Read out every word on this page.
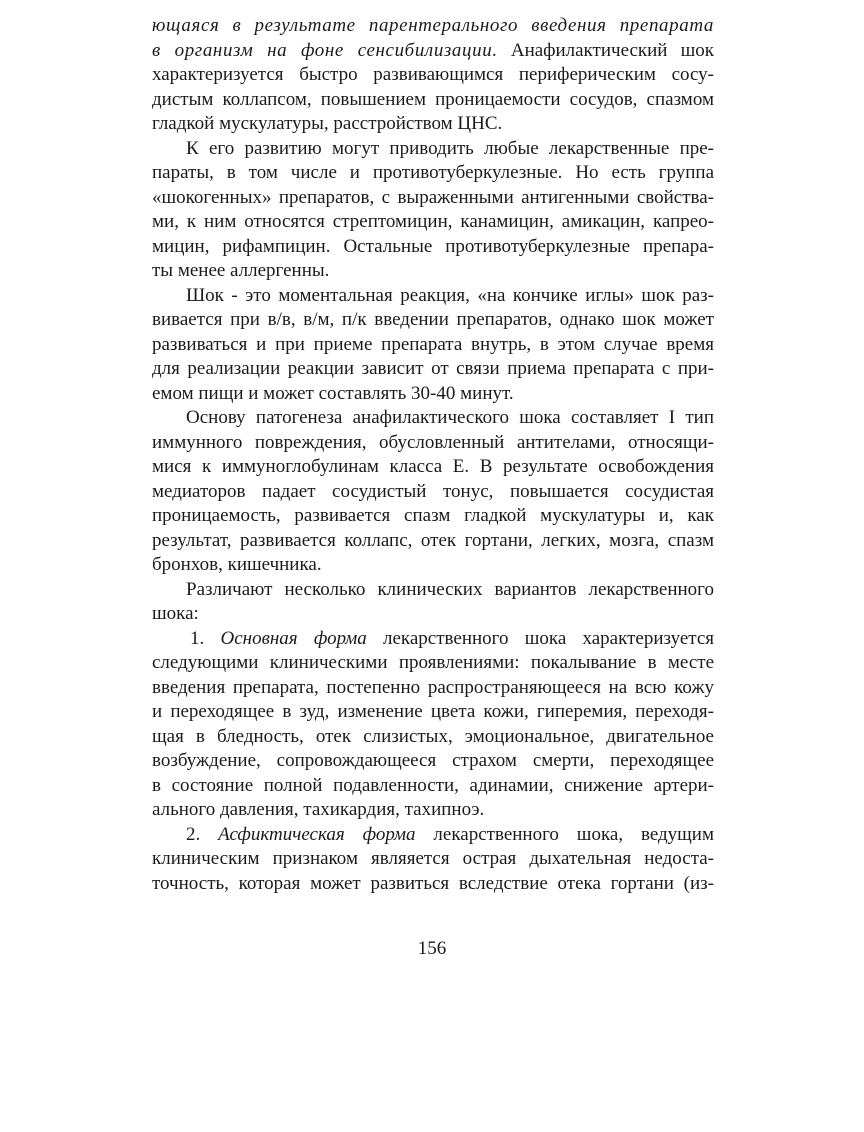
ющаяся в результате парентерального введения препарата
в организм на фоне сенсибилизации. Анафилактический шок
характеризуется быстро развивающимся периферическим сосу-
дистым коллапсом, повышением проницаемости сосудов, спазмом
гладкой мускулатуры, расстройством ЦНС.
К его развитию могут приводить любые лекарственные пре-
параты, в том числе и противотуберкулезные. Но есть группа
«шокогенных» препаратов, с выраженными антигенными свойства-
ми, к ним относятся стрептомицин, канамицин, амикацин, капрео-
мицин, рифампицин. Остальные противотуберкулезные препара-
ты менее аллергенны.
Шок - это моментальная реакция, «на кончике иглы» шок раз-
вивается при в/в, в/м, п/к введении препаратов, однако шок может
развиваться и при приеме препарата внутрь, в этом случае время
для реализации реакции зависит от связи приема препарата с при-
емом пищи и может составлять 30-40 минут.
Основу патогенеза анафилактического шока составляет I тип
иммунного повреждения, обусловленный антителами, относящи-
мися к иммуноглобулинам класса Е. В результате освобождения
медиаторов падает сосудистый тонус, повышается сосудистая
проницаемость, развивается спазм гладкой мускулатуры и, как
результат, развивается коллапс, отек гортани, легких, мозга, спазм
бронхов, кишечника.
Различают несколько клинических вариантов лекарственного
шока:
1. Основная форма лекарственного шока характеризуется
следующими клиническими проявлениями: покалывание в месте
введения препарата, постепенно распространяющееся на всю кожу
и переходящее в зуд, изменение цвета кожи, гиперемия, переходя-
щая в бледность, отек слизистых, эмоциональное, двигательное
возбуждение, сопровождающееся страхом смерти, переходящее
в состояние полной подавленности, адинамии, снижение артери-
ального давления, тахикардия, тахипноэ.
2. Асфиктическая форма лекарственного шока, ведущим
клиническим признаком являяется острая дыхательная недоста-
точность, которая может развиться вследствие отека гортани (из-
156
